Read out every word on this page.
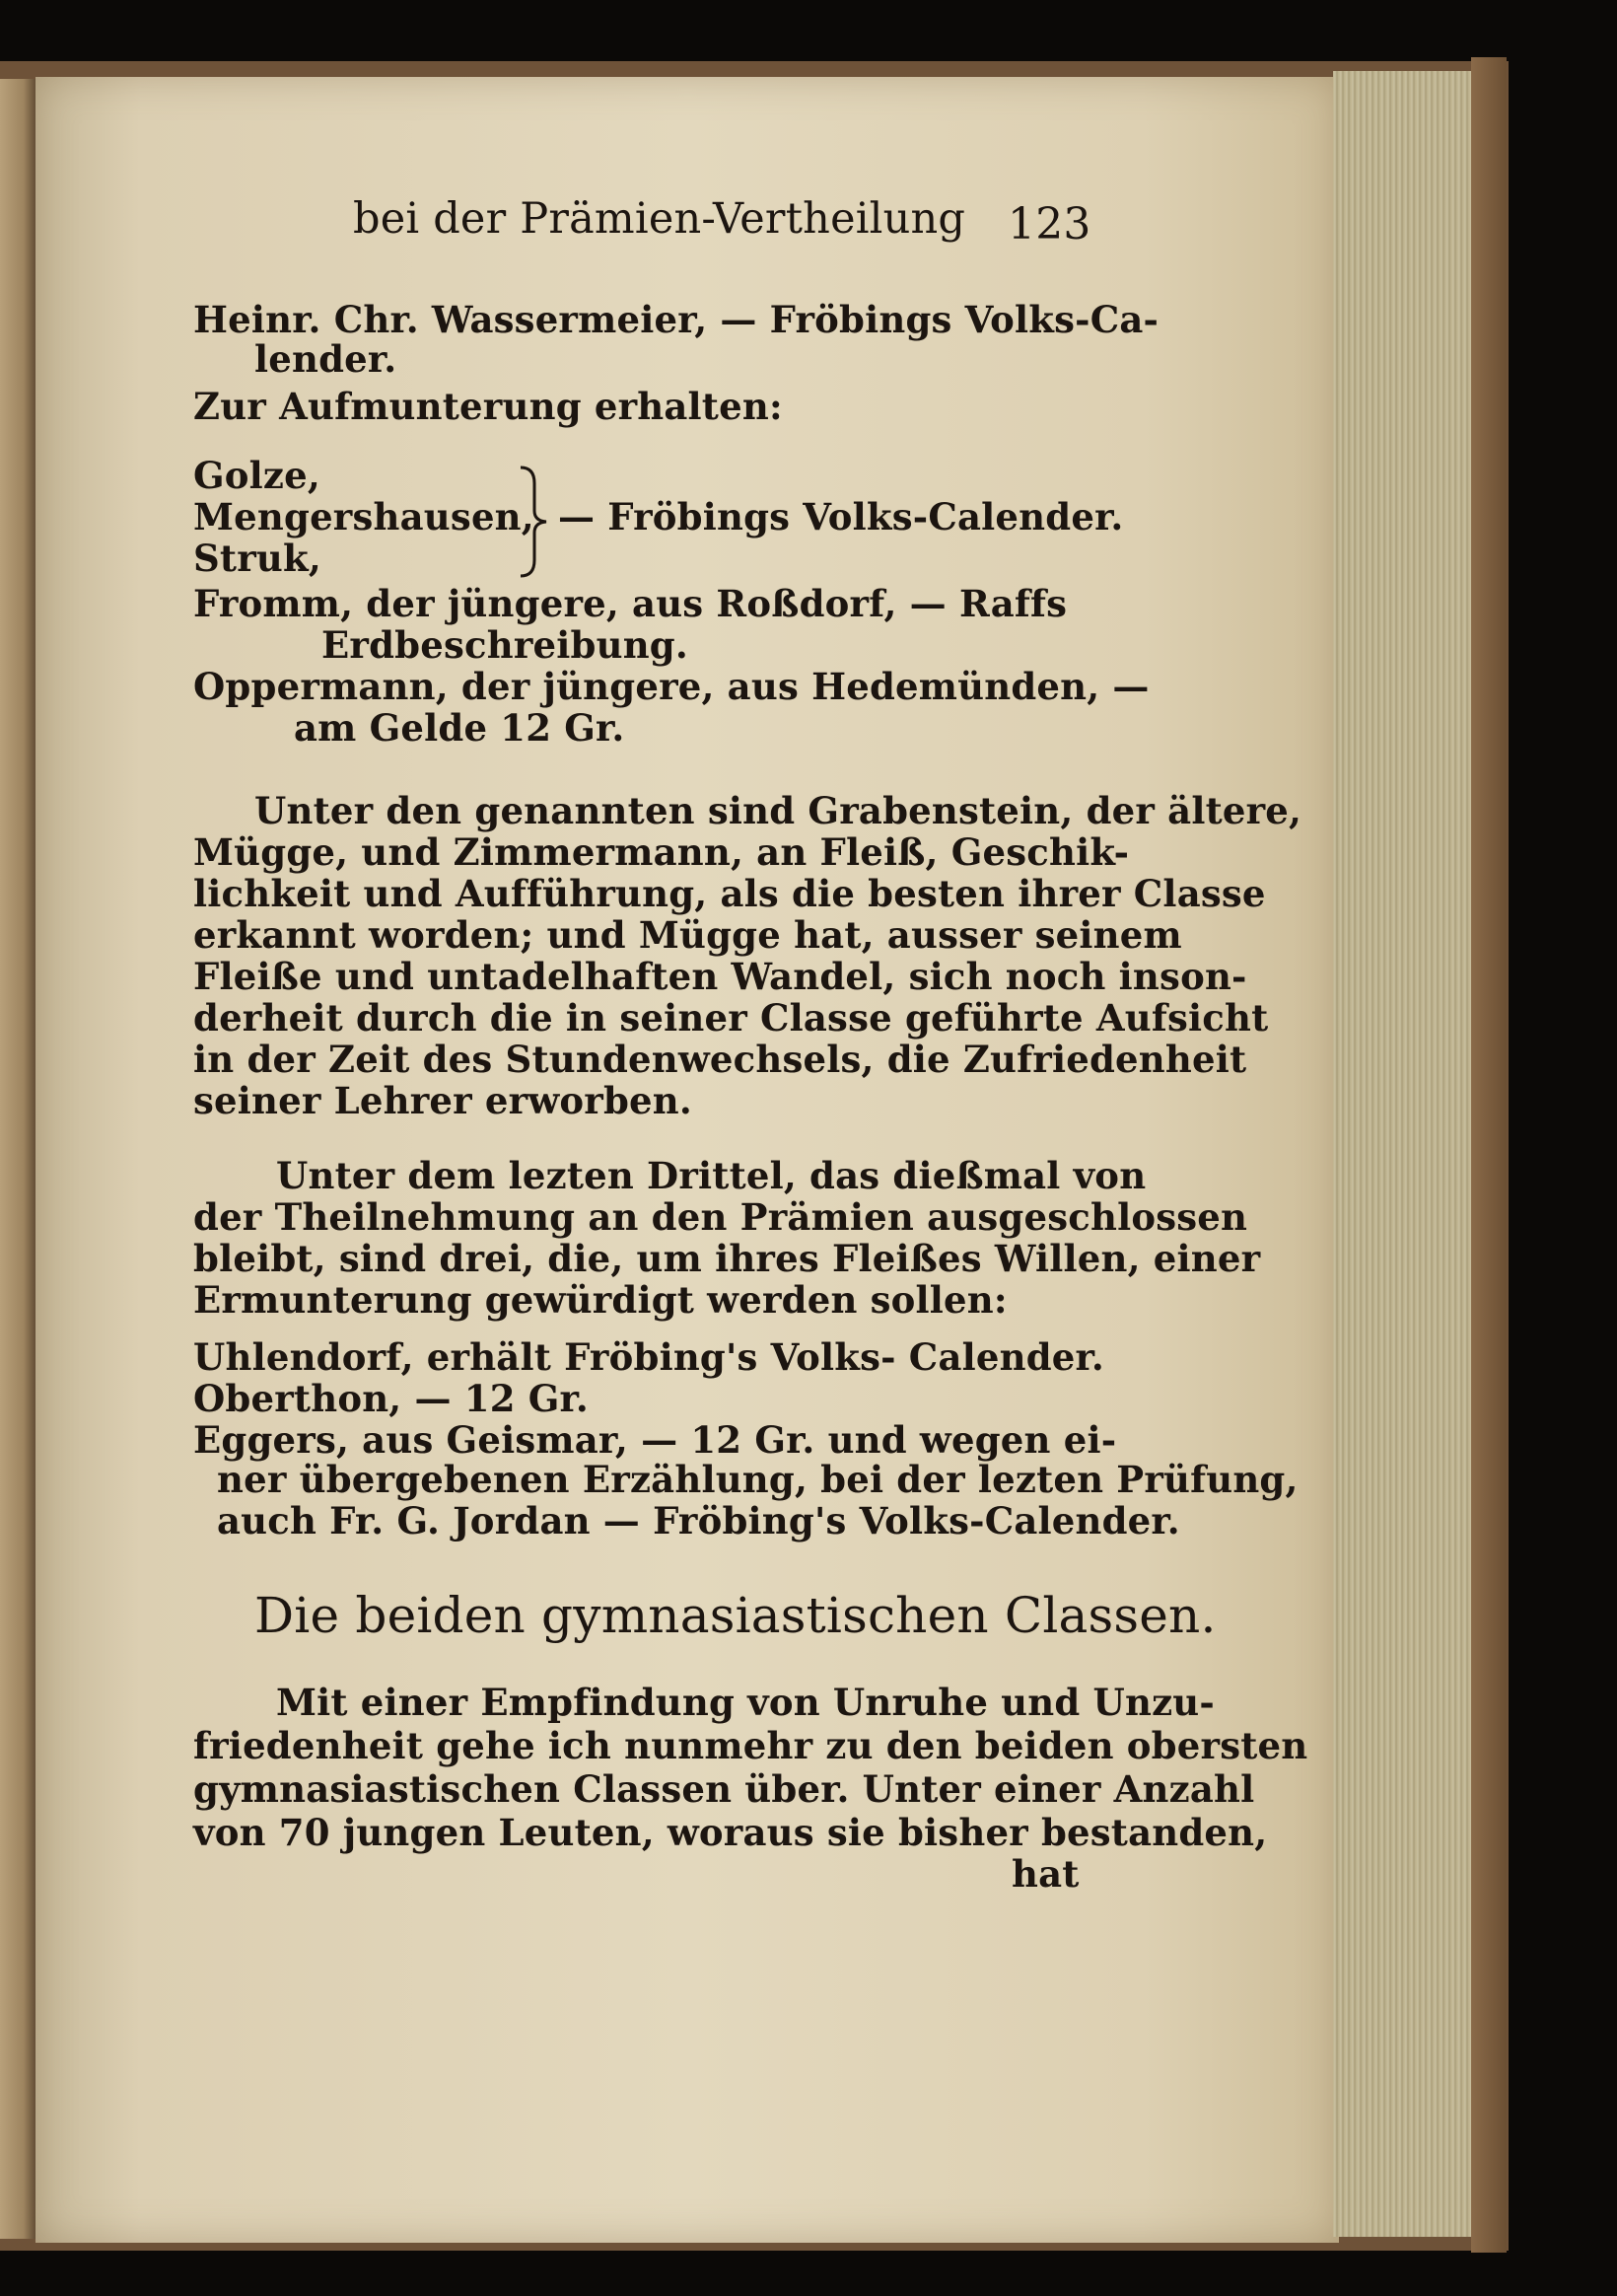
bei der Prämien-Vertheilung 123
Heinr. Chr. Wassermeier, — Fröbings Volks-Ca-
lender.
Zur Aufmunterung erhalten:
Golze,
Mengershausen, — Fröbings Volks-Calender.
Struk,
Fromm, der jüngere, aus Roßdorf, — Raffs
Erdbeschreibung.
Oppermann, der jüngere, aus Hedemünden, —
am Gelde 12 Gr.
Unter den genannten sind Grabenstein, der ältere,
Mügge, und Zimmermann, an Fleiß, Geschik-
lichkeit und Aufführung, als die besten ihrer Classe
erkannt worden; und Mügge hat, ausser seinem
Fleiße und untadelhaften Wandel, sich noch inson-
derheit durch die in seiner Classe geführte Aufsicht
in der Zeit des Stundenwechsels, die Zufriedenheit
seiner Lehrer erworben.
Unter dem lezten Drittel, das dießmal von
der Theilnehmung an den Prämien ausgeschlossen
bleibt, sind drei, die, um ihres Fleißes Willen, einer
Ermunterung gewürdigt werden sollen:
Uhlendorf, erhält Fröbing's Volks- Calender.
Oberthon, — 12 Gr.
Eggers, aus Geismar, — 12 Gr. und wegen ei-
ner übergebenen Erzählung, bei der lezten Prüfung,
auch Fr. G. Jordan — Fröbing's Volks-Calender.
Die beiden gymnasiastischen Classen.
Mit einer Empfindung von Unruhe und Unzu-
friedenheit gehe ich nunmehr zu den beiden obersten
gymnasiastischen Classen über. Unter einer Anzahl
von 70 jungen Leuten, woraus sie bisher bestanden,
hat
